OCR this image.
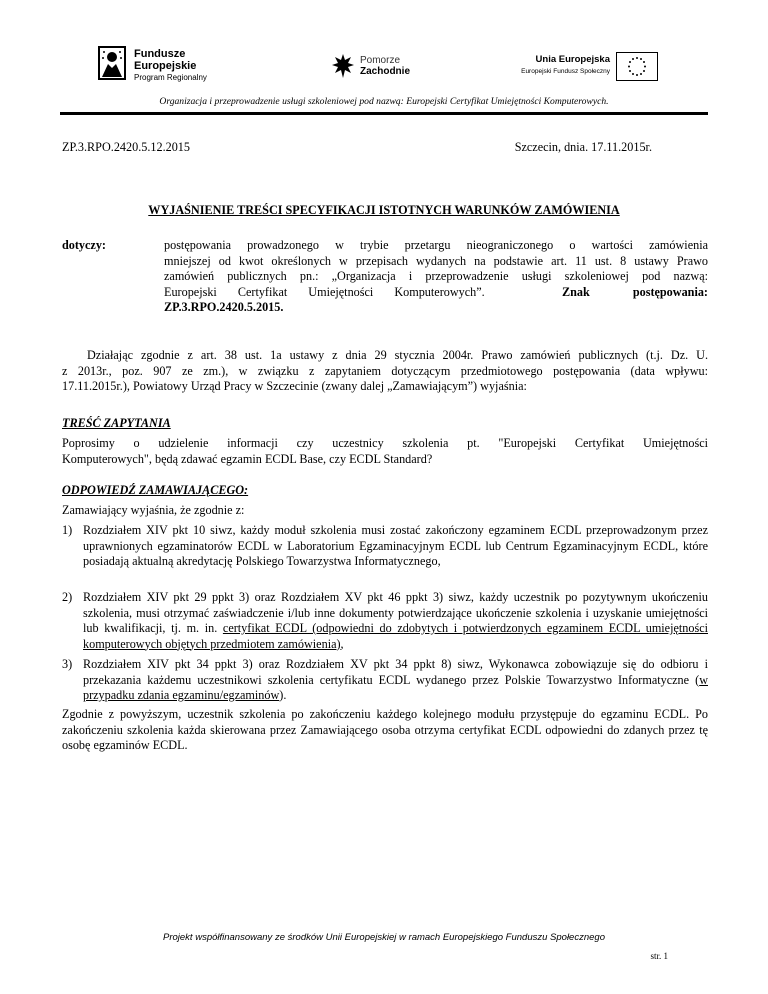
Fundusze
Europejskie
Program Regionalny
Pomorze
Zachodnie
Unia Europejska
Europejski Fundusz Społeczny
Organizacja i przeprowadzenie usługi szkoleniowej pod nazwą: Europejski Certyfikat Umiejętności Komputerowych.
ZP.3.RPO.2420.5.12.2015	Szczecin, dnia. 17.11.2015r.
WYJAŚNIENIE TREŚCI SPECYFIKACJI ISTOTNYCH WARUNKÓW ZAMÓWIENIA
dotyczy:	postępowania prowadzonego w trybie przetargu nieograniczonego o wartości zamówienia
mniejszej od kwot określonych w przepisach wydanych na podstawie art. 11 ust. 8 ustawy Prawo
zamówień publicznych pn.: „Organizacja i przeprowadzenie usługi szkoleniowej pod nazwą:
Europejski Certyfikat Umiejętności Komputerowych”.	Znak postępowania:
ZP.3.RPO.2420.5.2015.
Działając zgodnie z art. 38 ust. 1a ustawy z dnia 29 stycznia 2004r. Prawo zamówień publicznych (t.j. Dz. U.
z 2013r., poz. 907 ze zm.), w związku z zapytaniem dotyczącym przedmiotowego postępowania (data wpływu:
17.11.2015r.), Powiatowy Urząd Pracy w Szczecinie (zwany dalej „Zamawiającym”) wyjaśnia:
TREŚĆ ZAPYTANIA
Poprosimy o udzielenie informacji czy uczestnicy szkolenia pt. "Europejski Certyfikat Umiejętności
Komputerowych", będą zdawać egzamin ECDL Base, czy ECDL Standard?
ODPOWIEDŹ ZAMAWIAJĄCEGO:
Zamawiający wyjaśnia, że zgodnie z:
1) Rozdziałem XIV pkt 10 siwz, każdy moduł szkolenia musi zostać zakończony egzaminem ECDL przeprowadzonym przez uprawnionych egzaminatorów ECDL w Laboratorium Egzaminacyjnym ECDL lub Centrum Egzaminacyjnym ECDL, które posiadają aktualną akredytację Polskiego Towarzystwa Informatycznego,
2) Rozdziałem XIV pkt 29 ppkt 3) oraz Rozdziałem XV pkt 46 ppkt 3) siwz, każdy uczestnik po pozytywnym ukończeniu szkolenia, musi otrzymać zaświadczenie i/lub inne dokumenty potwierdzające ukończenie szkolenia i uzyskanie umiejętności lub kwalifikacji, tj. m. in. certyfikat ECDL (odpowiedni do zdobytych i potwierdzonych egzaminem ECDL umiejętności komputerowych objętych przedmiotem zamówienia),
3) Rozdziałem XIV pkt 34 ppkt 3) oraz Rozdziałem XV pkt 34 ppkt 8) siwz, Wykonawca zobowiązuje się do odbioru i przekazania każdemu uczestnikowi szkolenia certyfikatu ECDL wydanego przez Polskie Towarzystwo Informatyczne (w przypadku zdania egzaminu/egzaminów).
Zgodnie z powyższym, uczestnik szkolenia po zakończeniu każdego kolejnego modułu przystępuje do egzaminu ECDL. Po zakończeniu szkolenia każda skierowana przez Zamawiającego osoba otrzyma certyfikat ECDL odpowiedni do zdanych przez tę osobę egzaminów ECDL.
Projekt współfinansowany ze środków Unii Europejskiej w ramach Europejskiego Funduszu Społecznego
str. 1
